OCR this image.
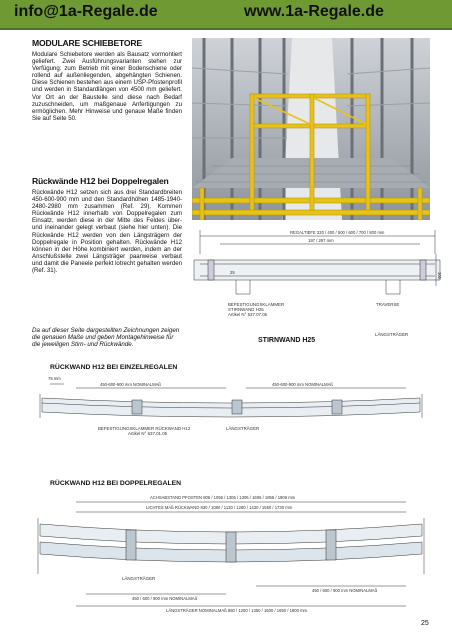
info@1a-Regale.de	www.1a-Regale.de
MODULARE SCHIEBETORE
Modulare Schiebetore werden als Bausatz vormontiert geliefert. Zwei Ausführungsvarianten stehen zur Verfügung: zum Betrieb mit einer Bodenschiene oder rollend auf außenliegenden, abgehängten Schienen. Diese Schienen bestehen aus einem USP-Pfostenprofil und werden in Standardlängen von 4500 mm geliefert. Vor Ort an der Baustelle sind diese nach Bedarf zuzuschneiden, um maßgenaue Anfertigungen zu ermöglichen. Mehr Hinweise und genaue Maße finden Sie auf Seite 50.
Rückwände H12 bei Doppelregalen
Rückwände H12 setzen sich aus drei Standardbreiten 450-600-900 mm und den Standardhöhen 1485-1940-2480-2980 mm zusammen (Ref. 29). Kommen Rückwände H12 innerhalb von Doppelregalen zum Einsatz, werden diese in der Mitte des Feldes über- und ineinander gelegt verbaut (siehe hier unten). Die Rückwände H12 werden von den Längsträgern der Doppelregale in Position gehalten. Rückwände H12 können in der Höhe kombiniert werden, indem an der Anschlußstelle zwei Längsträger paarweise verbaut und damit die Paneele perfekt lotrecht gehalten werden (Ref. 31).
Da auf dieser Seite dargestellten Zeichnungen zeigen die genauen Maße und geben Montagehinweise für die jeweiligen Stirn- und Rückwände.
REGALTIEFE 320 / 400 / 500 / 600 / 700 / 800 mm
197 / 297 mm
25	300
BEFESTIGUNGSKLAMMER
STIRNWAND H25
Artikel N° 637.07.06
TRAVERSE
LÄNGSTRÄGER
STIRNWAND H25
RÜCKWAND H12 BEI EINZELREGALEN
75 mm
450-600-900 mm NOMINALMAß	450-600-900 mm NOMINALMAß
BEFESTIGUNGSKLAMMER RÜCKWAND H12
Artikel N° 637.01.05
LÄNGSTRÄGER
RÜCKWAND H12 BEI DOPPELREGALEN
ACHSABSTAND PFOSTEN 806 / 1056 / 1306 / 1306 / 1606 / 1856 / 1906 mm
LICHTES MAß RÜCKWAND 830 / 1080 / 1130 / 1280 / 1430 / 1550 / 1730 mm
LÄNGSTRÄGER
450 / 600 / 900 mm NOMINALMAß
450 / 600 / 900 mm NOMINALMAß
LÄNGSTRÄGER NOMINALMAß 960 / 1200 / 1350 / 1500 / 1650 / 1800 mm
25
